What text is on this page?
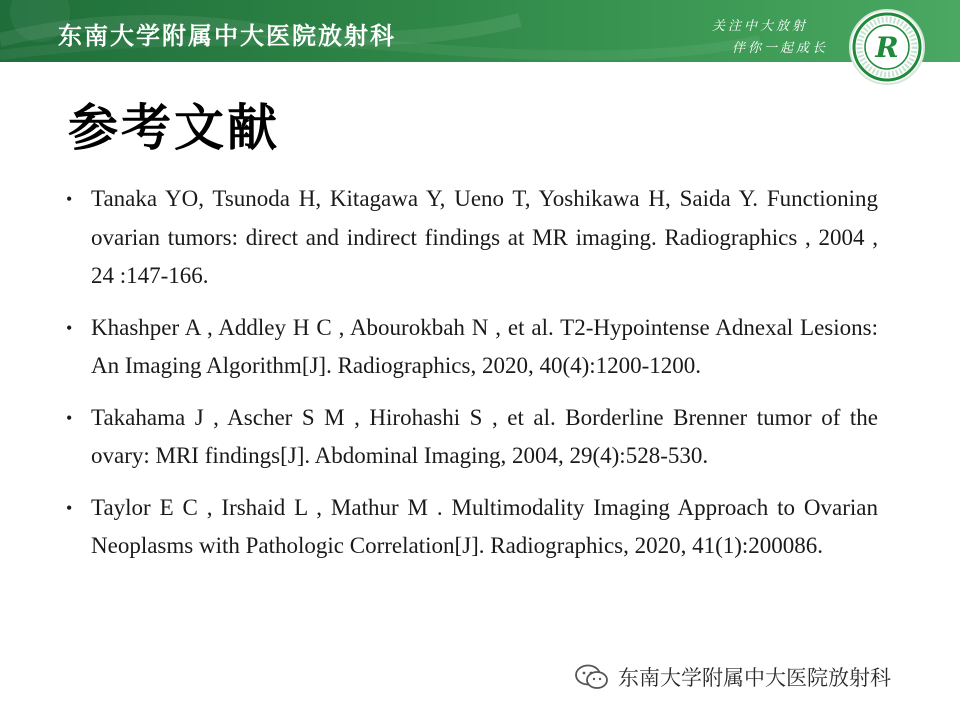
东南大学附属中大医院放射科	关注中大放射
伴你一起成长 R
参考文献
• Tanaka YO, Tsunoda H, Kitagawa Y, Ueno T, Yoshikawa H, Saida Y. Functioning ovarian tumors: direct and indirect findings at MR imaging. Radiographics , 2004 , 24 :147-166.
• Khashper A , Addley H C , Abourokbah N , et al. T2-Hypointense Adnexal Lesions: An Imaging Algorithm[J]. Radiographics, 2020, 40(4):1200-1200.
• Takahama J , Ascher S M , Hirohashi S , et al. Borderline Brenner tumor of the ovary: MRI findings[J]. Abdominal Imaging, 2004, 29(4):528-530.
• Taylor E C , Irshaid L , Mathur M . Multimodality Imaging Approach to Ovarian Neoplasms with Pathologic Correlation[J]. Radiographics, 2020, 41(1):200086.
东南大学附属中大医院放射科
